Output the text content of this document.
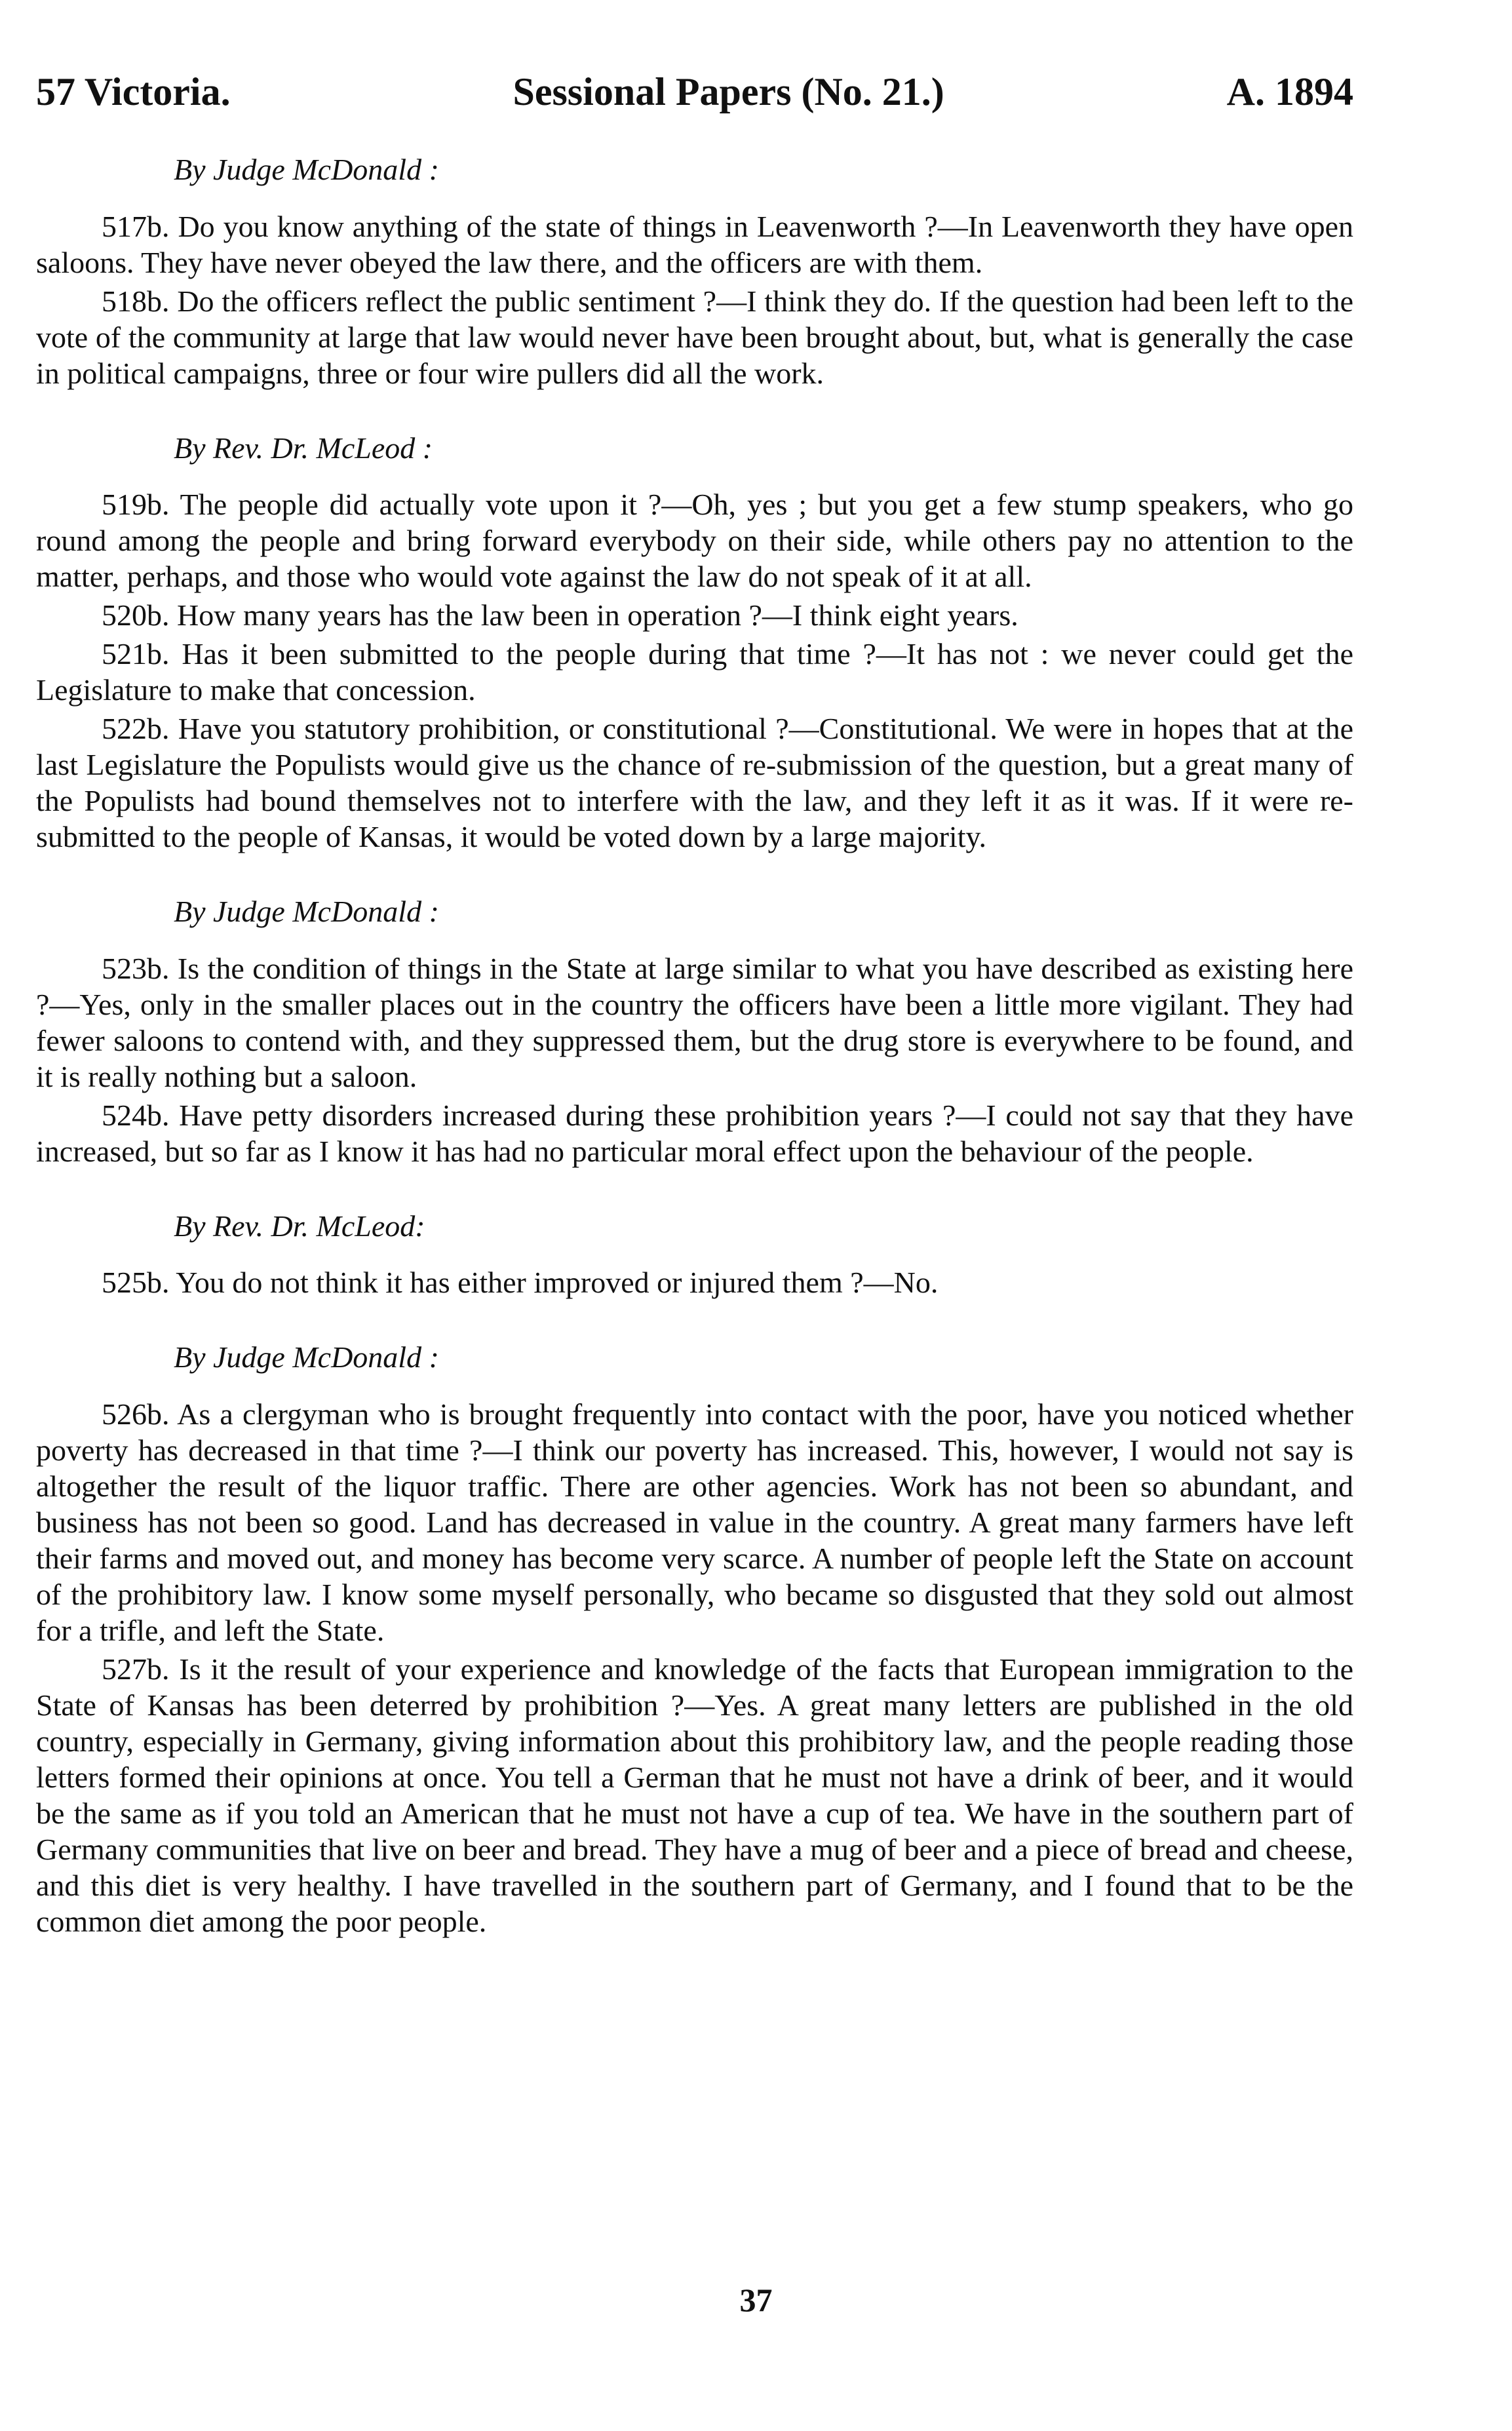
57 Victoria.	Sessional Papers (No. 21.)	A. 1894
By Judge McDonald :

517b. Do you know anything of the state of things in Leavenworth ?—In Leavenworth they have open saloons. They have never obeyed the law there, and the officers are with them.

518b. Do the officers reflect the public sentiment ?—I think they do. If the question had been left to the vote of the community at large that law would never have been brought about, but, what is generally the case in political campaigns, three or four wire pullers did all the work.

By Rev. Dr. McLeod :

519b. The people did actually vote upon it ?—Oh, yes ; but you get a few stump speakers, who go round among the people and bring forward everybody on their side, while others pay no attention to the matter, perhaps, and those who would vote against the law do not speak of it at all.

520b. How many years has the law been in operation ?—I think eight years.

521b. Has it been submitted to the people during that time ?—It has not : we never could get the Legislature to make that concession.

522b. Have you statutory prohibition, or constitutional ?—Constitutional. We were in hopes that at the last Legislature the Populists would give us the chance of re-submission of the question, but a great many of the Populists had bound themselves not to interfere with the law, and they left it as it was. If it were re-submitted to the people of Kansas, it would be voted down by a large majority.

By Judge McDonald :

523b. Is the condition of things in the State at large similar to what you have described as existing here ?—Yes, only in the smaller places out in the country the officers have been a little more vigilant. They had fewer saloons to contend with, and they suppressed them, but the drug store is everywhere to be found, and it is really nothing but a saloon.

524b. Have petty disorders increased during these prohibition years ?—I could not say that they have increased, but so far as I know it has had no particular moral effect upon the behaviour of the people.

By Rev. Dr. McLeod:

525b. You do not think it has either improved or injured them ?—No.

By Judge McDonald :

526b. As a clergyman who is brought frequently into contact with the poor, have you noticed whether poverty has decreased in that time ?—I think our poverty has increased. This, however, I would not say is altogether the result of the liquor traffic. There are other agencies. Work has not been so abundant, and business has not been so good. Land has decreased in value in the country. A great many farmers have left their farms and moved out, and money has become very scarce. A number of people left the State on account of the prohibitory law. I know some myself personally, who became so disgusted that they sold out almost for a trifle, and left the State.

527b. Is it the result of your experience and knowledge of the facts that European immigration to the State of Kansas has been deterred by prohibition ?—Yes. A great many letters are published in the old country, especially in Germany, giving information about this prohibitory law, and the people reading those letters formed their opinions at once. You tell a German that he must not have a drink of beer, and it would be the same as if you told an American that he must not have a cup of tea. We have in the southern part of Germany communities that live on beer and bread. They have a mug of beer and a piece of bread and cheese, and this diet is very healthy. I have travelled in the southern part of Germany, and I found that to be the common diet among the poor people.

37
